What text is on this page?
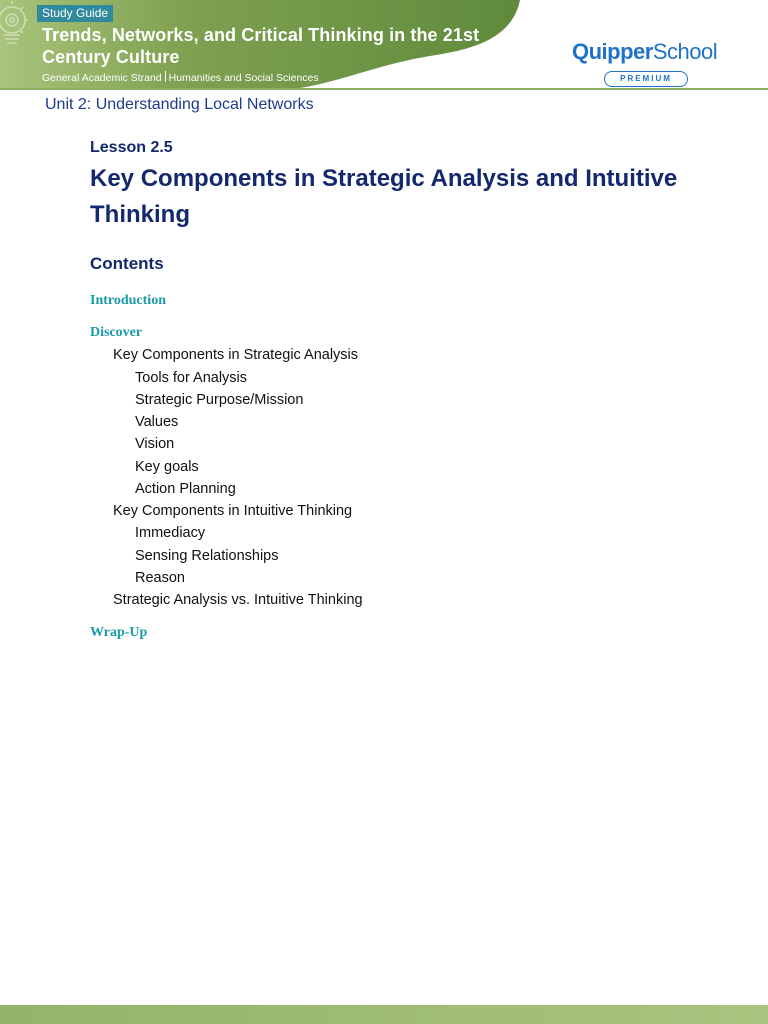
Study Guide
Trends, Networks, and Critical Thinking in the 21st Century Culture
General Academic Strand Humanities and Social Sciences
QuipperSchool
PREMIUM
Unit 2: Understanding Local Networks
Lesson 2.5
Key Components in Strategic Analysis and Intuitive Thinking
Contents
Introduction
Discover
Key Components in Strategic Analysis
Tools for Analysis
Strategic Purpose/Mission
Values
Vision
Key goals
Action Planning
Key Components in Intuitive Thinking
Immediacy
Sensing Relationships
Reason
Strategic Analysis vs. Intuitive Thinking
Wrap-Up
